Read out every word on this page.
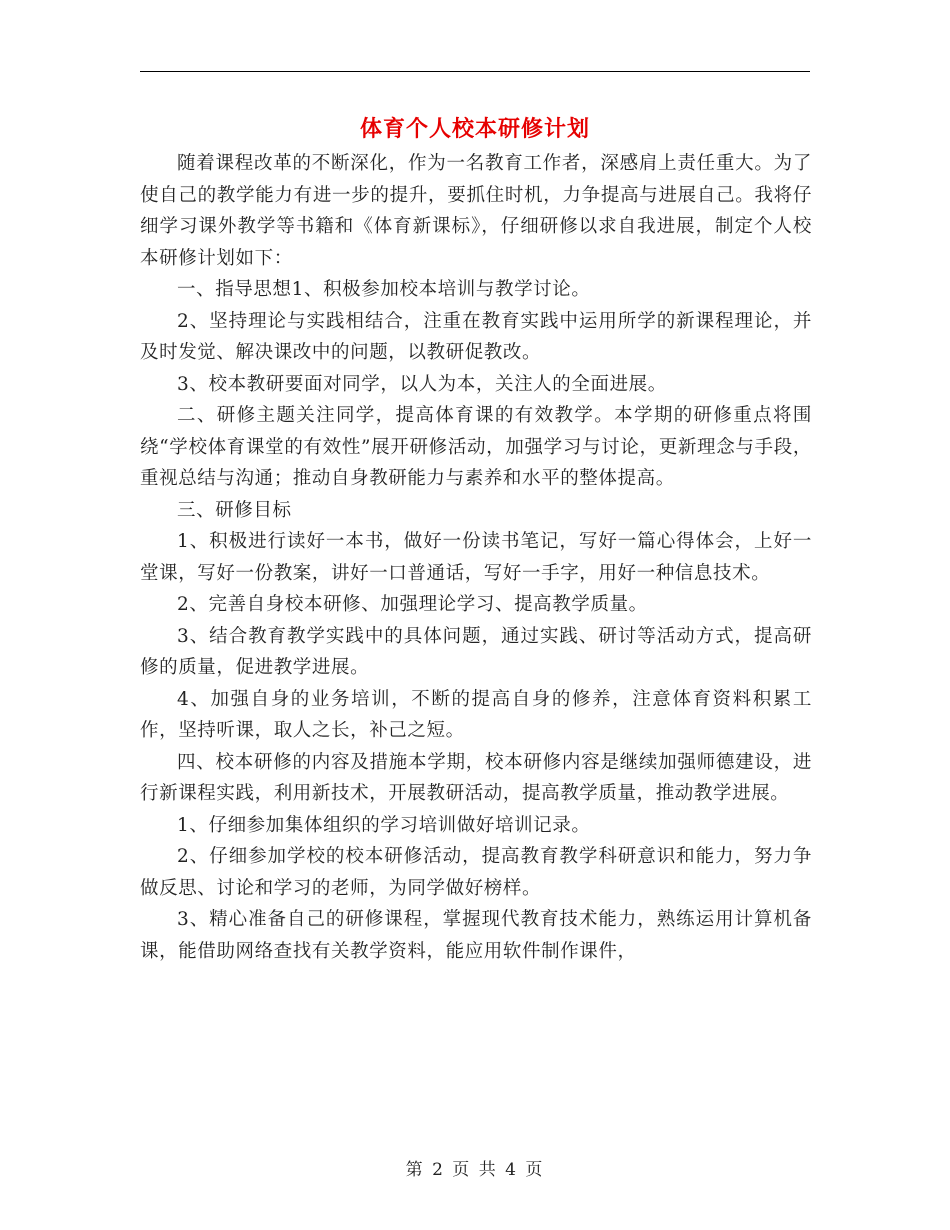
体育个人校本研修计划

随着课程改革的不断深化，作为一名教育工作者，深感肩上责任重大。为了使自己的教学能力有进一步的提升，要抓住时机，力争提高与进展自己。我将仔细学习课外教学等书籍和《体育新课标》，仔细研修以求自我进展，制定个人校本研修计划如下：

一、指导思想1、积极参加校本培训与教学讨论。

2、坚持理论与实践相结合，注重在教育实践中运用所学的新课程理论，并及时发觉、解决课改中的问题，以教研促教改。

3、校本教研要面对同学，以人为本，关注人的全面进展。

二、研修主题关注同学，提高体育课的有效教学。本学期的研修重点将围绕“学校体育课堂的有效性”展开研修活动，加强学习与讨论，更新理念与手段，重视总结与沟通；推动自身教研能力与素养和水平的整体提高。

三、研修目标

1、积极进行读好一本书，做好一份读书笔记，写好一篇心得体会，上好一堂课，写好一份教案，讲好一口普通话，写好一手字，用好一种信息技术。

2、完善自身校本研修、加强理论学习、提高教学质量。

3、结合教育教学实践中的具体问题，通过实践、研讨等活动方式，提高研修的质量，促进教学进展。

4、加强自身的业务培训，不断的提高自身的修养，注意体育资料积累工作，坚持听课，取人之长，补己之短。

四、校本研修的内容及措施本学期，校本研修内容是继续加强师德建设，进行新课程实践，利用新技术，开展教研活动，提高教学质量，推动教学进展。

1、仔细参加集体组织的学习培训做好培训记录。

2、仔细参加学校的校本研修活动，提高教育教学科研意识和能力，努力争做反思、讨论和学习的老师，为同学做好榜样。

3、精心准备自己的研修课程，掌握现代教育技术能力，熟练运用计算机备课，能借助网络查找有关教学资料，能应用软件制作课件，

第 2 页 共 4 页
